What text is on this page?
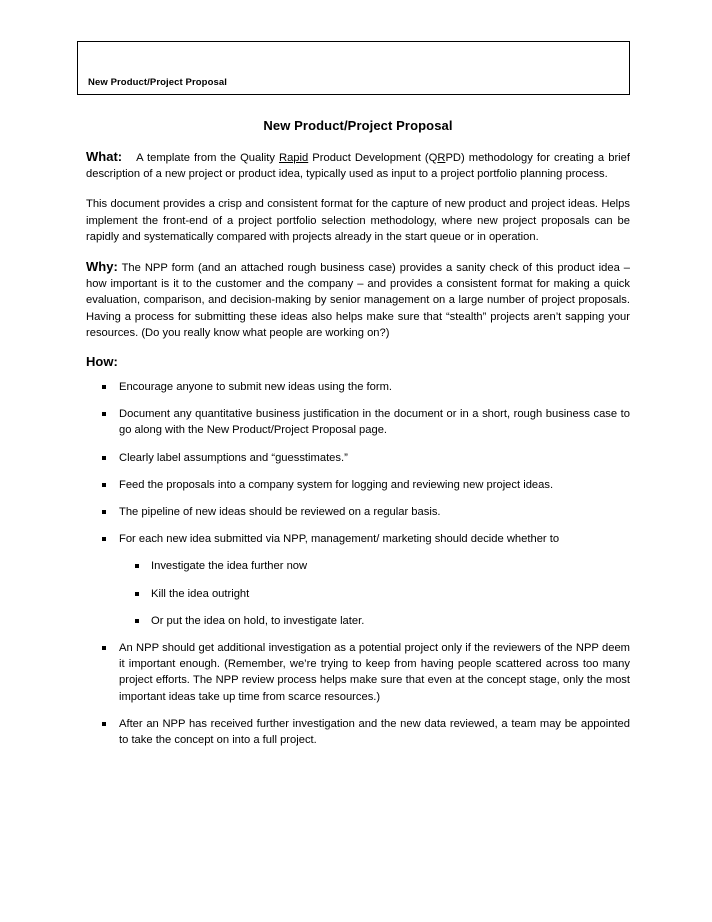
New Product/Project Proposal
New Product/Project Proposal

What: A template from the Quality Rapid Product Development (QRPD) methodology for creating a brief description of a new project or product idea, typically used as input to a project portfolio planning process.

This document provides a crisp and consistent format for the capture of new product and project ideas. Helps implement the front-end of a project portfolio selection methodology, where new project proposals can be rapidly and systematically compared with projects already in the start queue or in operation.

Why: The NPP form (and an attached rough business case) provides a sanity check of this product idea – how important is it to the customer and the company – and provides a consistent format for making a quick evaluation, comparison, and decision-making by senior management on a large number of project proposals. Having a process for submitting these ideas also helps make sure that “stealth” projects aren’t sapping your resources. (Do you really know what people are working on?)

How:
Encourage anyone to submit new ideas using the form.
Document any quantitative business justification in the document or in a short, rough business case to go along with the New Product/Project Proposal page.
Clearly label assumptions and “guesstimates.”
Feed the proposals into a company system for logging and reviewing new project ideas.
The pipeline of new ideas should be reviewed on a regular basis.
For each new idea submitted via NPP, management/ marketing should decide whether to
Investigate the idea further now
Kill the idea outright
Or put the idea on hold, to investigate later.
An NPP should get additional investigation as a potential project only if the reviewers of the NPP deem it important enough. (Remember, we’re trying to keep from having people scattered across too many project efforts. The NPP review process helps make sure that even at the concept stage, only the most important ideas take up time from scarce resources.)
After an NPP has received further investigation and the new data reviewed, a team may be appointed to take the concept on into a full project.
